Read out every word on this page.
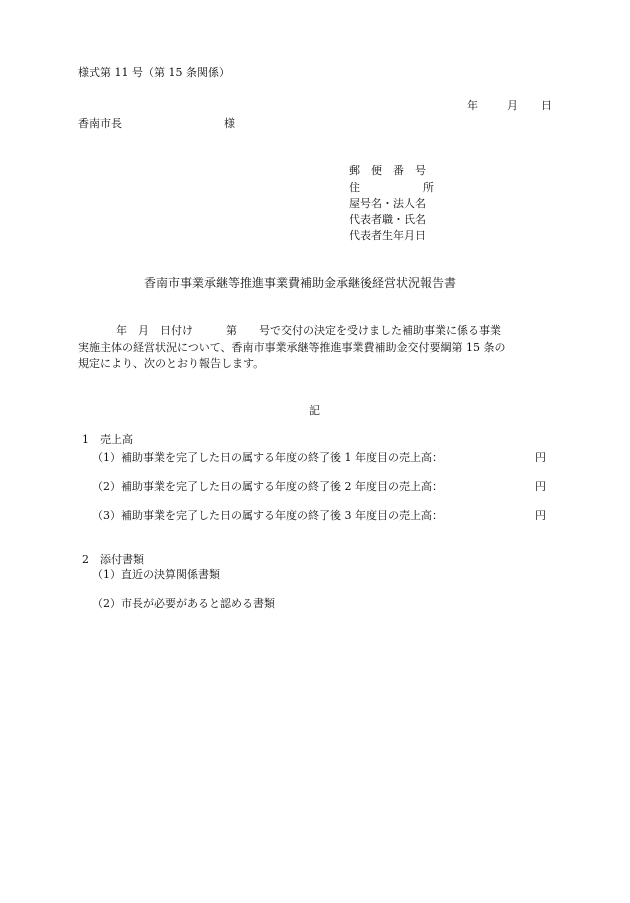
様式第 11 号（第 15 条関係）
年	月 日
香南市長	様
郵　便　番　号
住	所
屋号名・法人名
代表者職・氏名
代表者生年月日
香南市事業承継等推進事業費補助金承継後経営状況報告書
年　月　日付け　　　第　　号で交付の決定を受けました補助事業に係る事業
実施主体の経営状況について、香南市事業承継等推進事業費補助金交付要綱第 15 条の
規定により、次のとおり報告します。
記
1　売上高
（1）補助事業を完了した日の属する年度の終了後 1 年度目の売上高：	円
（2）補助事業を完了した日の属する年度の終了後 2 年度目の売上高：	円
（3）補助事業を完了した日の属する年度の終了後 3 年度目の売上高：	円
2　添付書類
（1）直近の決算関係書類
（2）市長が必要があると認める書類
